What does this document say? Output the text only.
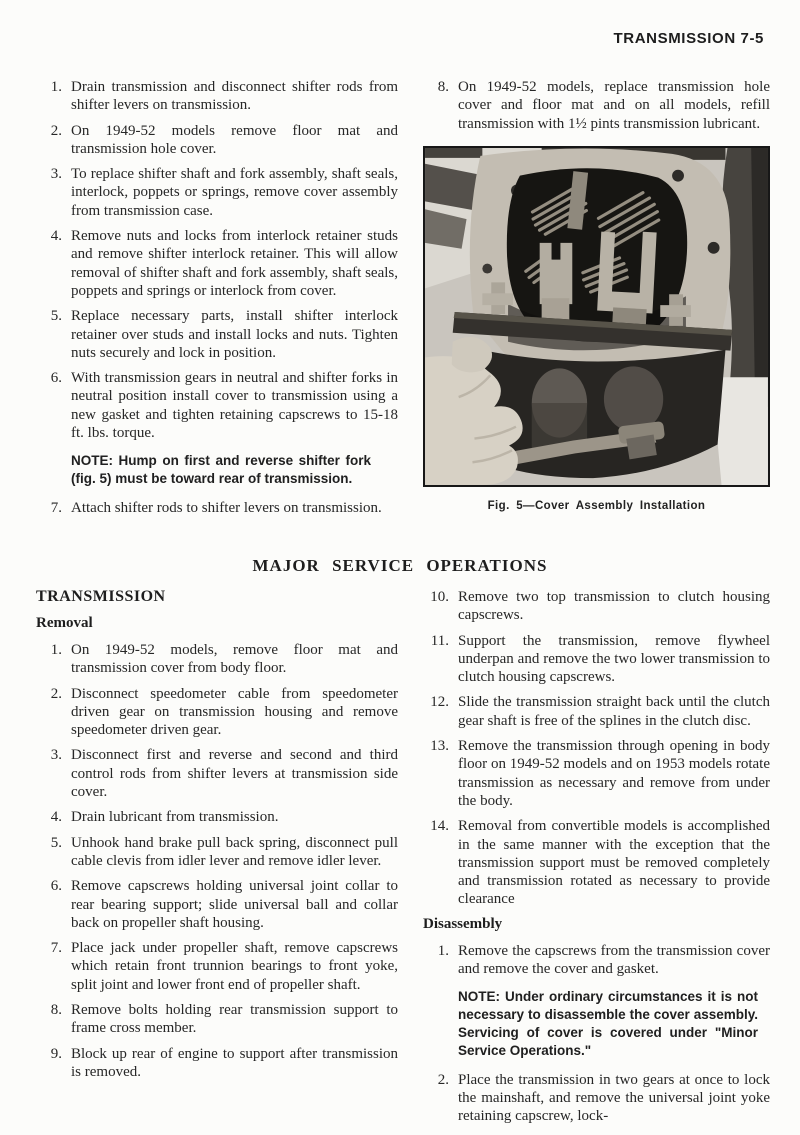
TRANSMISSION 7-5
1. Drain transmission and disconnect shifter rods from shifter levers on transmission.
2. On 1949-52 models remove floor mat and transmission hole cover.
3. To replace shifter shaft and fork assembly, shaft seals, interlock, poppets or springs, remove cover assembly from transmission case.
4. Remove nuts and locks from interlock retainer studs and remove shifter interlock retainer. This will allow removal of shifter shaft and fork assembly, shaft seals, poppets and springs or interlock from cover.
5. Replace necessary parts, install shifter interlock retainer over studs and install locks and nuts. Tighten nuts securely and lock in position.
6. With transmission gears in neutral and shifter forks in neutral position install cover to transmission using a new gasket and tighten retaining capscrews to 15-18 ft. lbs. torque.
NOTE: Hump on first and reverse shifter fork (fig. 5) must be toward rear of transmission.
7. Attach shifter rods to shifter levers on transmission.
8. On 1949-52 models, replace transmission hole cover and floor mat and on all models, refill transmission with 1½ pints transmission lubricant.
Fig. 5—Cover Assembly Installation
MAJOR SERVICE OPERATIONS
TRANSMISSION
Removal
1. On 1949-52 models, remove floor mat and transmission cover from body floor.
2. Disconnect speedometer cable from speedometer driven gear on transmission housing and remove speedometer driven gear.
3. Disconnect first and reverse and second and third control rods from shifter levers at transmission side cover.
4. Drain lubricant from transmission.
5. Unhook hand brake pull back spring, disconnect pull cable clevis from idler lever and remove idler lever.
6. Remove capscrews holding universal joint collar to rear bearing support; slide universal ball and collar back on propeller shaft housing.
7. Place jack under propeller shaft, remove capscrews which retain front trunnion bearings to front yoke, split joint and lower front end of propeller shaft.
8. Remove bolts holding rear transmission support to frame cross member.
9. Block up rear of engine to support after transmission is removed.
10. Remove two top transmission to clutch housing capscrews.
11. Support the transmission, remove flywheel underpan and remove the two lower transmission to clutch housing capscrews.
12. Slide the transmission straight back until the clutch gear shaft is free of the splines in the clutch disc.
13. Remove the transmission through opening in body floor on 1949-52 models and on 1953 models rotate transmission as necessary and remove from under the body.
14. Removal from convertible models is accomplished in the same manner with the exception that the transmission support must be removed completely and transmission rotated as necessary to provide clearance
Disassembly
1. Remove the capscrews from the transmission cover and remove the cover and gasket.
NOTE: Under ordinary circumstances it is not necessary to disassemble the cover assembly. Servicing of cover is covered under "Minor Service Operations."
2. Place the transmission in two gears at once to lock the mainshaft, and remove the universal joint yoke retaining capscrew, lock-
